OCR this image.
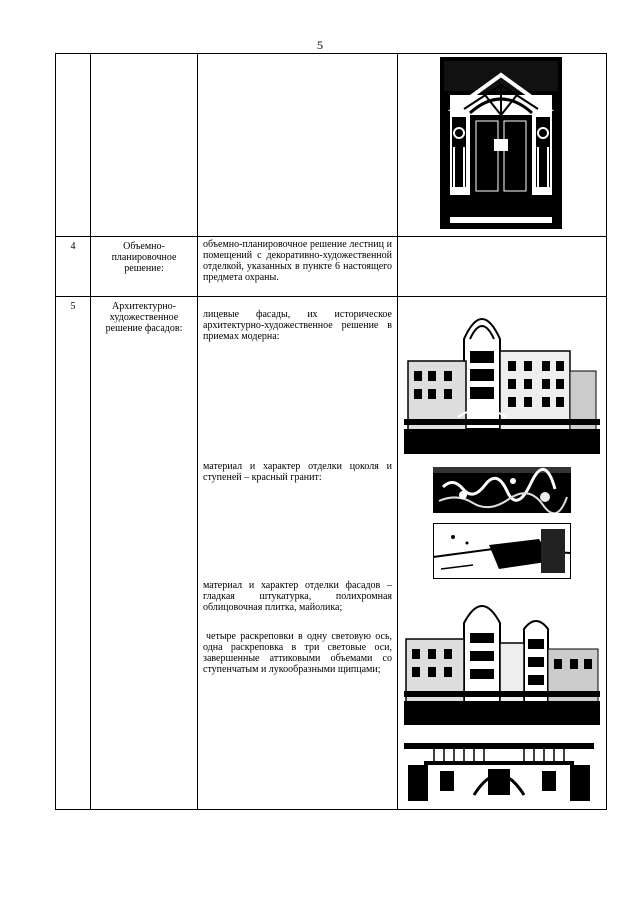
5

4	Объемно-планировочное решение:	объемно-планировочное решение лестниц и помещений с декоративно-художественной отделкой, указанных в пункте 6 настоящего предмета охраны.	

5	Архитектурно-художественное решение фасадов:	лицевые фасады, их историческое архитектурно-художественное решение в приемах модерна:

материал и характер отделки цоколя и ступеней – красный гранит:

материал и характер отделки фасадов – гладкая штукатурка, полихромная облицовочная плитка, майолика;

четыре раскреповки в одну световую ось, одна раскреповка в три световые оси, завершенные аттиковыми объемами со ступенчатым и лукообразными щипцами;
